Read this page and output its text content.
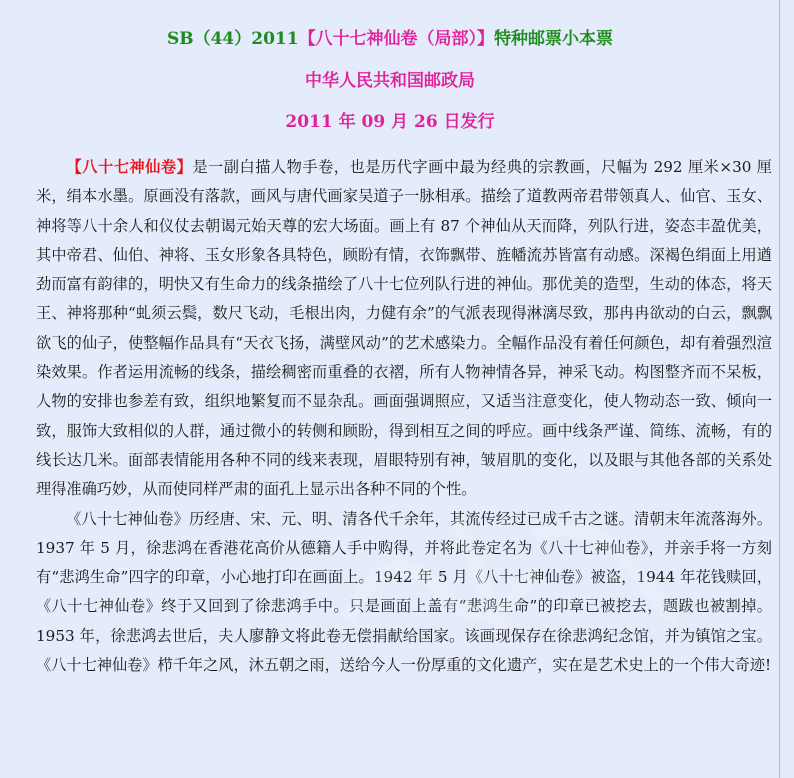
SB（44）2011【八十七神仙卷（局部）】特种邮票小本票
中华人民共和国邮政局
2011 年 09 月 26 日发行

【八十七神仙卷】是一副白描人物手卷，也是历代字画中最为经典的宗教画，尺幅为 292 厘米×30 厘米，绢本水墨。原画没有落款，画风与唐代画家吴道子一脉相承。描绘了道教两帝君带领真人、仙官、玉女、神将等八十余人和仪仗去朝谒元始天尊的宏大场面。画上有 87 个神仙从天而降，列队行进，姿态丰盈优美，其中帝君、仙伯、神将、玉女形象各具特色，顾盼有情，衣饰飘带、旌幡流苏皆富有动感。深褐色绢面上用遒劲而富有韵律的，明快又有生命力的线条描绘了八十七位列队行进的神仙。那优美的造型，生动的体态，将天王、神将那种“虬须云鬓，数尺飞动，毛根出肉，力健有余”的气派表现得淋漓尽致，那冉冉欲动的白云，飘飘欲飞的仙子，使整幅作品具有“天衣飞扬，满壁风动”的艺术感染力。全幅作品没有着任何颜色，却有着强烈渲染效果。作者运用流畅的线条，描绘稠密而重叠的衣褶，所有人物神情各异，神采飞动。构图整齐而不呆板，人物的安排也参差有致，组织地繁复而不显杂乱。画面强调照应，又适当注意变化，使人物动态一致、倾向一致，服饰大致相似的人群，通过微小的转侧和顾盼，得到相互之间的呼应。画中线条严谨、简练、流畅，有的线长达几米。面部表情能用各种不同的线来表现，眉眼特别有神，皱眉肌的变化，以及眼与其他各部的关系处理得准确巧妙，从而使同样严肃的面孔上显示出各种不同的个性。

《八十七神仙卷》历经唐、宋、元、明、清各代千余年，其流传经过已成千古之谜。清朝末年流落海外。1937 年 5 月，徐悲鸿在香港花高价从德籍人手中购得，并将此卷定名为《八十七神仙卷》，并亲手将一方刻有“悲鸿生命”四字的印章，小心地打印在画面上。1942 年 5 月《八十七神仙卷》被盗，1944 年花钱赎回，《八十七神仙卷》终于又回到了徐悲鸿手中。只是画面上盖有“悲鸿生命”的印章已被挖去，题跋也被割掉。1953 年，徐悲鸿去世后，夫人廖静文将此卷无偿捐献给国家。该画现保存在徐悲鸿纪念馆，并为镇馆之宝。《八十七神仙卷》栉千年之风，沐五朝之雨，送给今人一份厚重的文化遗产，实在是艺术史上的一个伟大奇迹!
